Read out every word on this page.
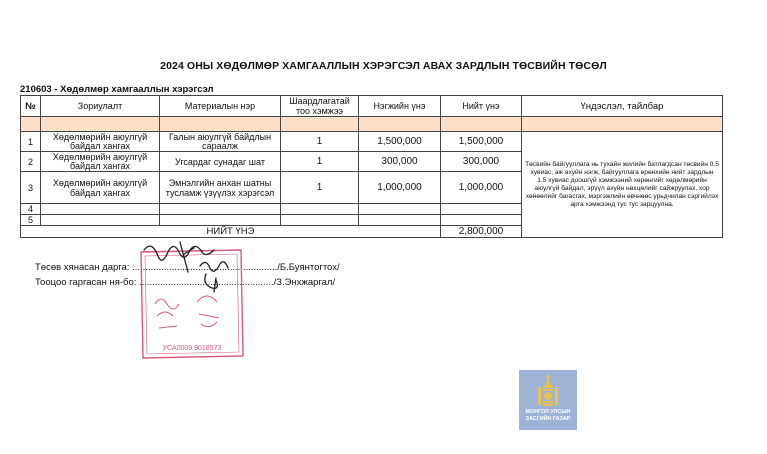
2024 ОНЫ ХӨДӨЛМӨР ХАМГААЛЛЫН ХЭРЭГСЭЛ АВАХ ЗАРДЛЫН ТӨСВИЙН ТӨСӨЛ
210603 - Хөдөлмөр хамгааллын хэрэгсэл
№	Зориулалт	Материалын нэр	Шаардлагатай тоо хэмжээ	Нэгжийн үнэ	Нийт үнэ	Үндэслэл, тайлбар

1	Хөдөлмөрийн аюулгүй байдал хангах	Галын аюулгүй байдлын сараалж	1	1,500,000	1,500,000	Төсвийн байгууллага нь тухайн жилийн батлагдсан төсвийн 0.5 хувиас, аж ахуйн нэгж, байгууллага ерөнхийн нийт зардлын 1.5 хувиас доошгүй хэмжээний хөрөнгийг хөдөлмөрийн аюулгүй байдал, эрүүл ахуйн нөхцөлийг сайжруулах, хор хөнөөлийг багасгах, мэргэжлийн өвчнөөс урьдчилан сэргийлэх арга хэмжээнд тус тус зарцуулна.
2	Хөдөлмөрийн аюулгүй байдал хангах	Угсардаг сунадаг шат	1	300,000	300,000	
3	Хөдөлмөрийн аюулгүй байдал хангах	Эмнэлгийн анхан шатны тусламж үзүүлэх хэрэгсэл	1	1,000,000	1,000,000	
4						
5						
НИЙТ ҮНЭ					2,800,000	
Төсөв хянасан дарга: ......................................................./Б.Буянтогтох/
Тооцоо гаргасан ня-бо: .................................................../З.Энхжаргал/
УСА0009 9018573
МОНГОЛ УЛСЫН
ЗАСГИЙН ГАЗАР
